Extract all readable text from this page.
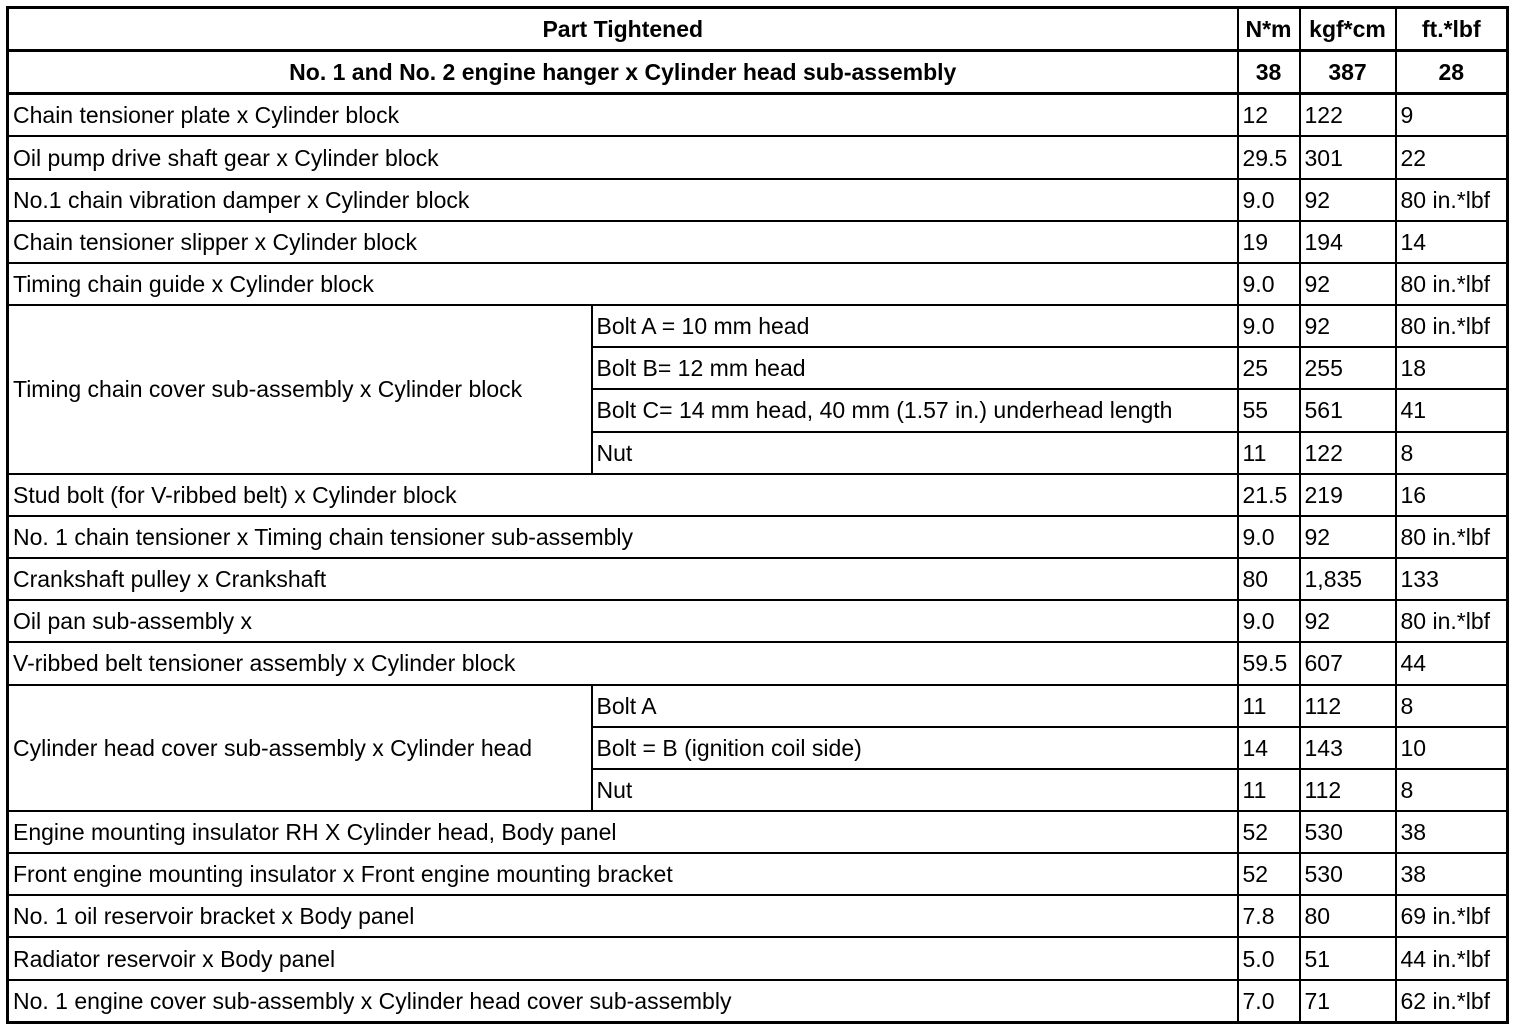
Part Tightened		N*m	kgf*cm	ft.*lbf
No. 1 and No. 2 engine hanger x Cylinder head sub-assembly		38	387	28
Chain tensioner plate x Cylinder block		12	122	9
Oil pump drive shaft gear x Cylinder block		29.5	301	22
No.1 chain vibration damper x Cylinder block		9.0	92	80 in.*lbf
Chain tensioner slipper x Cylinder block		19	194	14
Timing chain guide x Cylinder block		9.0	92	80 in.*lbf
Timing chain cover sub-assembly x Cylinder block	Bolt A = 10 mm head	9.0	92	80 in.*lbf
	Bolt B= 12 mm head	25	255	18
	Bolt C= 14 mm head, 40 mm (1.57 in.) underhead length	55	561	41
	Nut	11	122	8
Stud bolt (for V-ribbed belt) x Cylinder block		21.5	219	16
No. 1 chain tensioner x Timing chain tensioner sub-assembly		9.0	92	80 in.*lbf
Crankshaft pulley x Crankshaft		80	1,835	133
Oil pan sub-assembly x		9.0	92	80 in.*lbf
V-ribbed belt tensioner assembly x Cylinder block		59.5	607	44
Cylinder head cover sub-assembly x Cylinder head	Bolt A	11	112	8
	Bolt = B (ignition coil side)	14	143	10
	Nut	11	112	8
Engine mounting insulator RH X Cylinder head, Body panel		52	530	38
Front engine mounting insulator x Front engine mounting bracket		52	530	38
No. 1 oil reservoir bracket x Body panel		7.8	80	69 in.*lbf
Radiator reservoir x Body panel		5.0	51	44 in.*lbf
No. 1 engine cover sub-assembly x Cylinder head cover sub-assembly		7.0	71	62 in.*lbf
